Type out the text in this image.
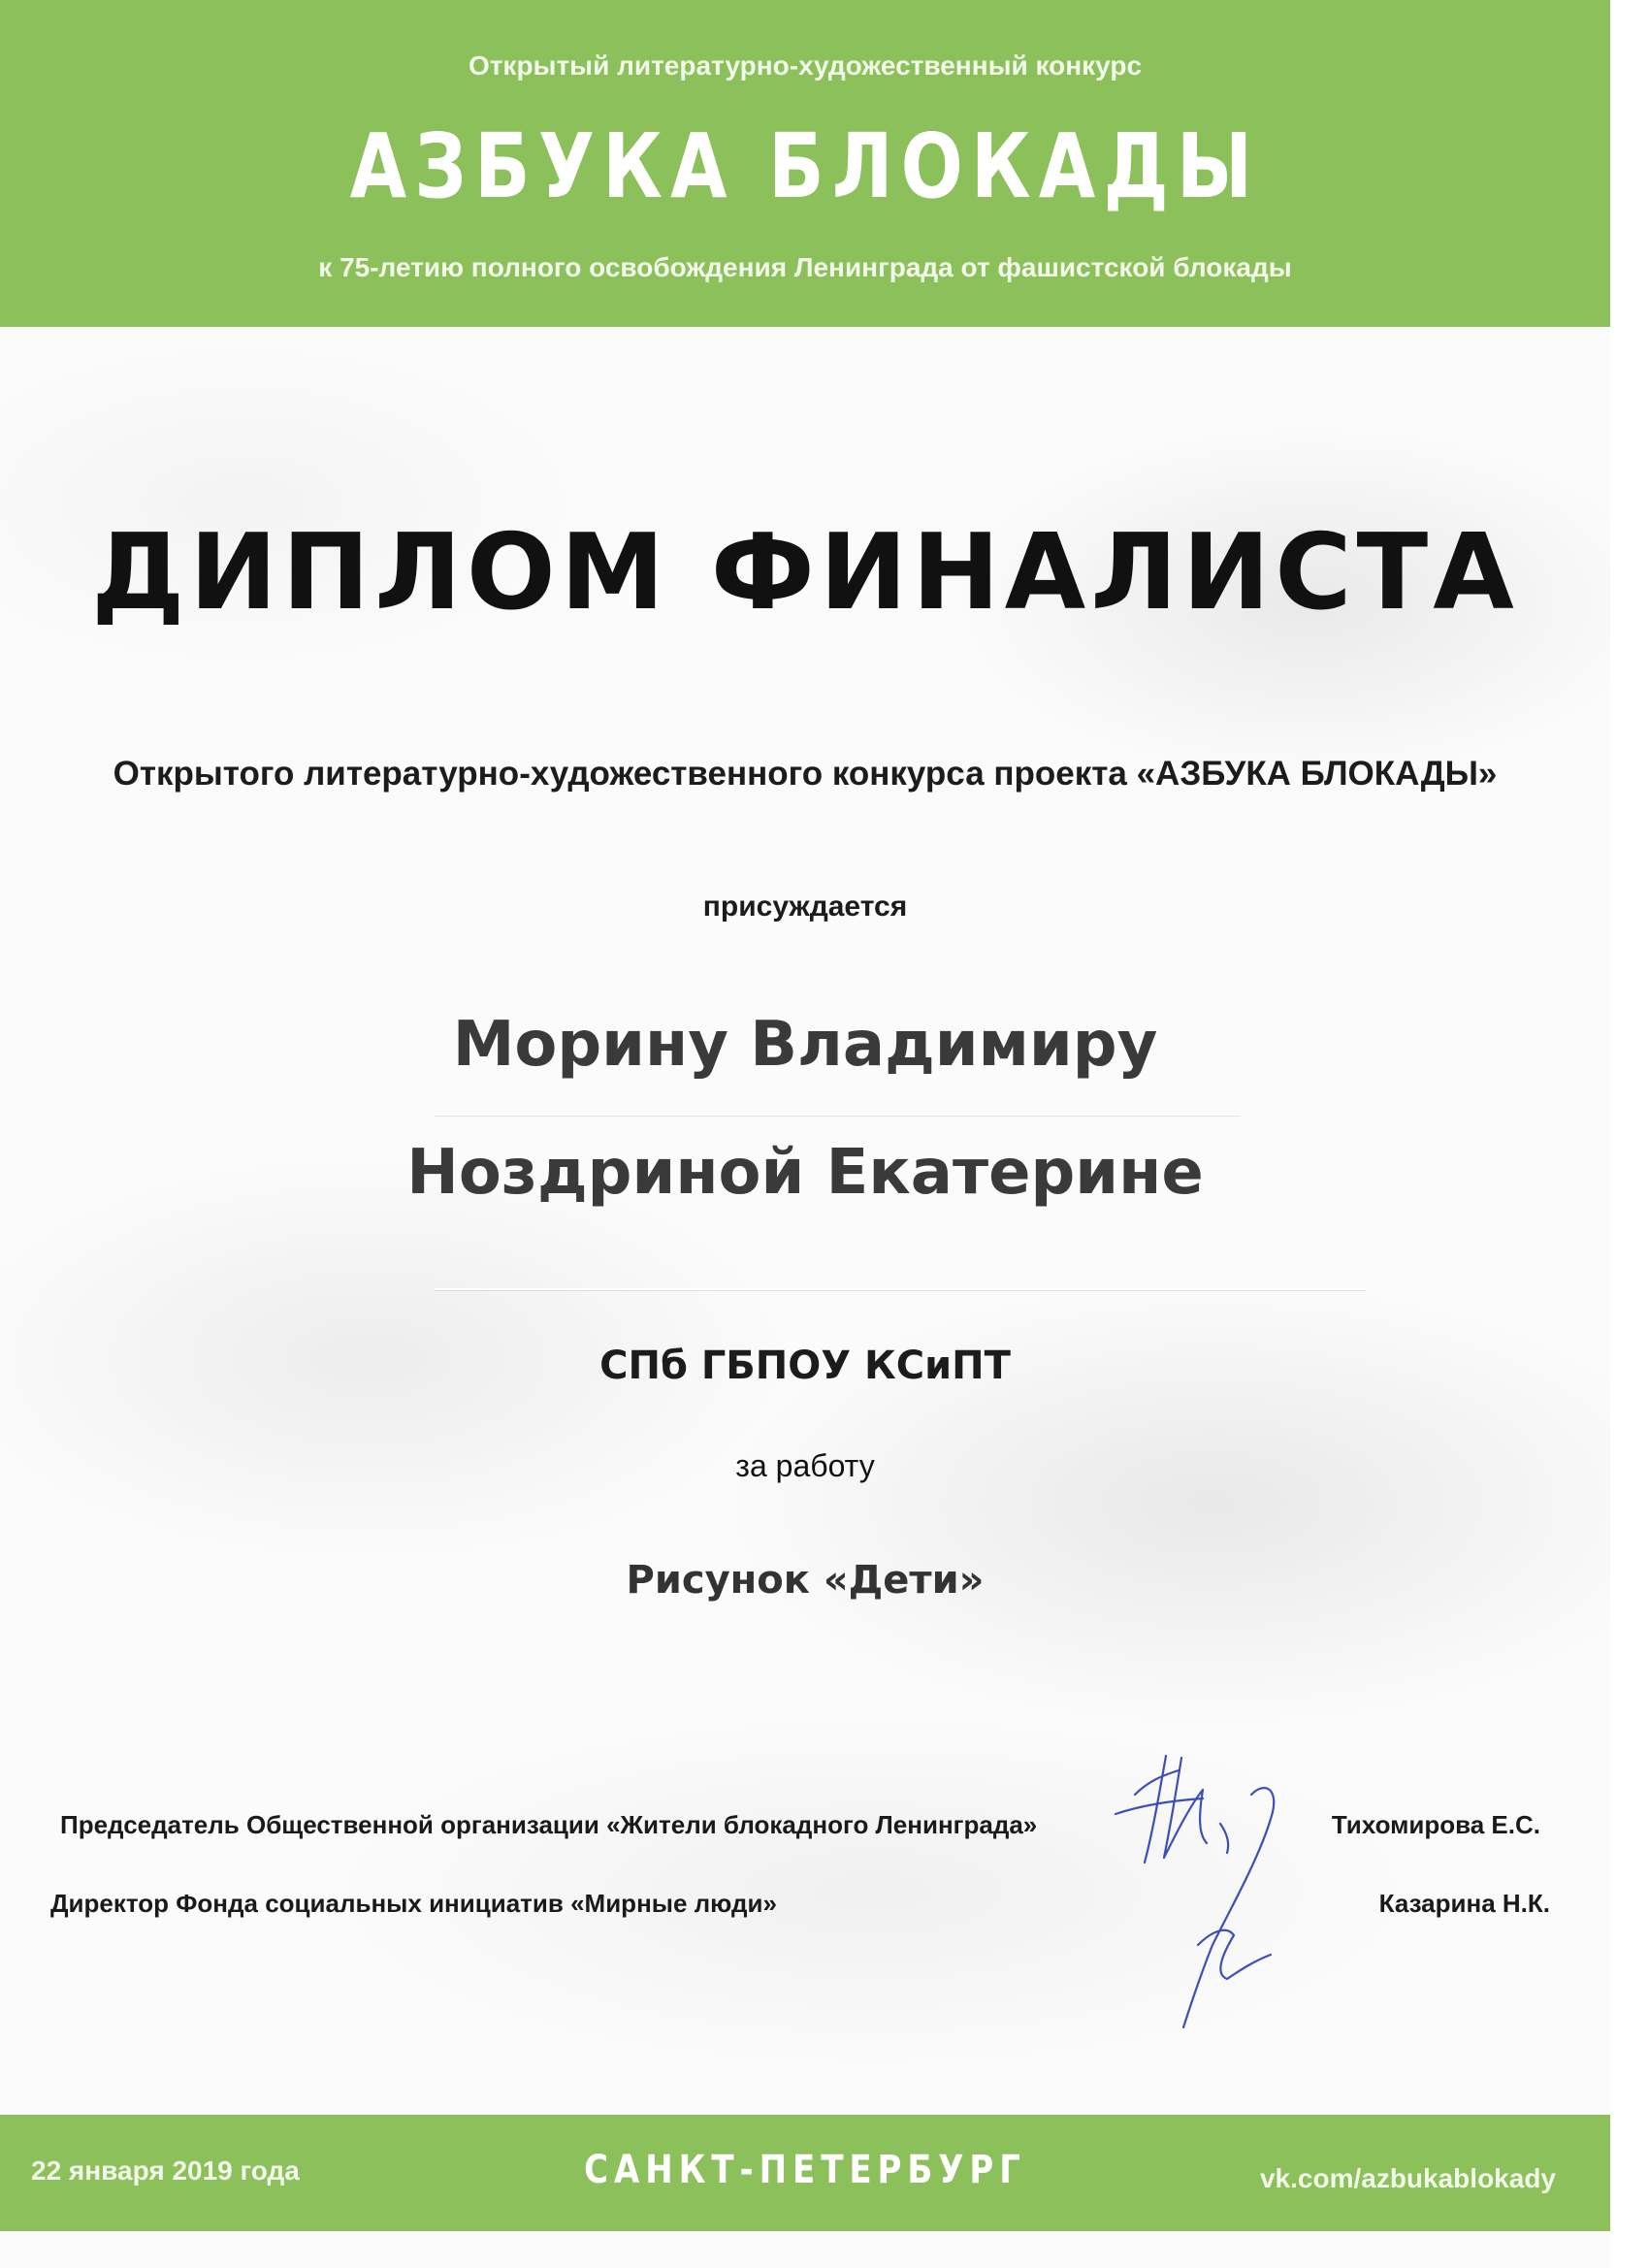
Открытый литературно-художественный конкурс
АЗБУКА БЛОКАДЫ
к 75-летию полного освобождения Ленинграда от фашистской блокады
ДИПЛОМ ФИНАЛИСТА
Открытого литературно-художественного конкурса проекта «АЗБУКА БЛОКАДЫ»
присуждается
Морину Владимиру
Ноздриной Екатерине
СПб ГБПОУ КСиПТ
за работу
Рисунок «Дети»
Председатель Общественной организации «Жители блокадного Ленинграда»	Тихомирова Е.С.
Директор Фонда социальных инициатив «Мирные люди»	Казарина Н.К.
22 января 2019 года	САНКТ-ПЕТЕРБУРГ	vk.com/azbukablokady
